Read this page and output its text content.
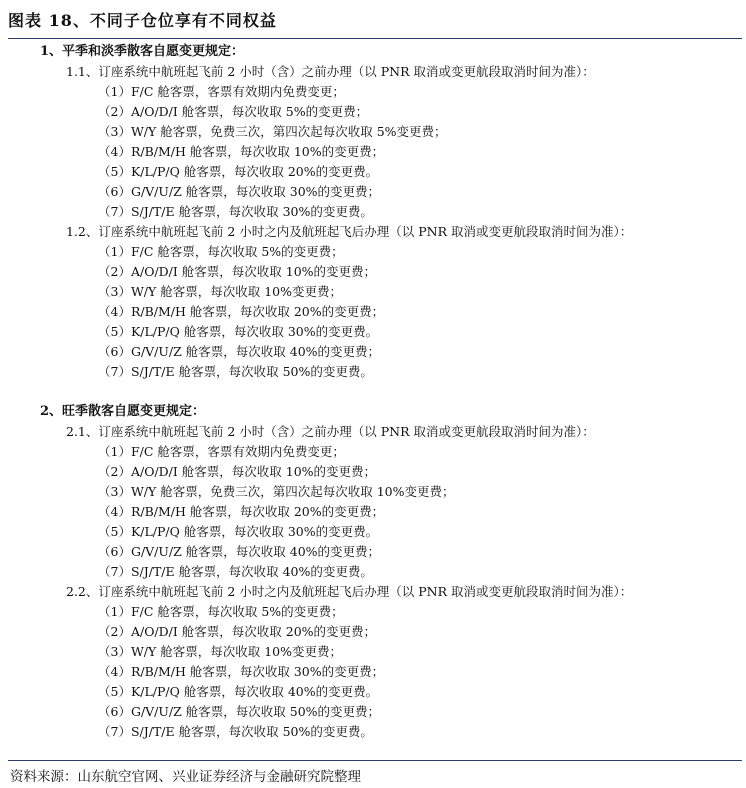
图表 18、不同子仓位享有不同权益
1、平季和淡季散客自愿变更规定：
1.1、订座系统中航班起飞前 2 小时（含）之前办理（以 PNR 取消或变更航段取消时间为准）：
（1）F/C 舱客票，客票有效期内免费变更；
（2）A/O/D/I 舱客票，每次收取 5%的变更费；
（3）W/Y 舱客票，免费三次，第四次起每次收取 5%变更费；
（4）R/B/M/H 舱客票，每次收取 10%的变更费；
（5）K/L/P/Q 舱客票，每次收取 20%的变更费。
（6）G/V/U/Z 舱客票，每次收取 30%的变更费；
（7）S/J/T/E 舱客票，每次收取 30%的变更费。
1.2、订座系统中航班起飞前 2 小时之内及航班起飞后办理（以 PNR 取消或变更航段取消时间为准）：
（1）F/C 舱客票，每次收取 5%的变更费；
（2）A/O/D/I 舱客票，每次收取 10%的变更费；
（3）W/Y 舱客票，每次收取 10%变更费；
（4）R/B/M/H 舱客票，每次收取 20%的变更费；
（5）K/L/P/Q 舱客票，每次收取 30%的变更费。
（6）G/V/U/Z 舱客票，每次收取 40%的变更费；
（7）S/J/T/E 舱客票，每次收取 50%的变更费。
2、旺季散客自愿变更规定：
2.1、订座系统中航班起飞前 2 小时（含）之前办理（以 PNR 取消或变更航段取消时间为准）：
（1）F/C 舱客票，客票有效期内免费变更；
（2）A/O/D/I 舱客票，每次收取 10%的变更费；
（3）W/Y 舱客票，免费三次，第四次起每次收取 10%变更费；
（4）R/B/M/H 舱客票，每次收取 20%的变更费；
（5）K/L/P/Q 舱客票，每次收取 30%的变更费。
（6）G/V/U/Z 舱客票，每次收取 40%的变更费；
（7）S/J/T/E 舱客票，每次收取 40%的变更费。
2.2、订座系统中航班起飞前 2 小时之内及航班起飞后办理（以 PNR 取消或变更航段取消时间为准）：
（1）F/C 舱客票，每次收取 5%的变更费；
（2）A/O/D/I 舱客票，每次收取 20%的变更费；
（3）W/Y 舱客票，每次收取 10%变更费；
（4）R/B/M/H 舱客票，每次收取 30%的变更费；
（5）K/L/P/Q 舱客票，每次收取 40%的变更费。
（6）G/V/U/Z 舱客票，每次收取 50%的变更费；
（7）S/J/T/E 舱客票，每次收取 50%的变更费。
资料来源：山东航空官网、兴业证券经济与金融研究院整理
